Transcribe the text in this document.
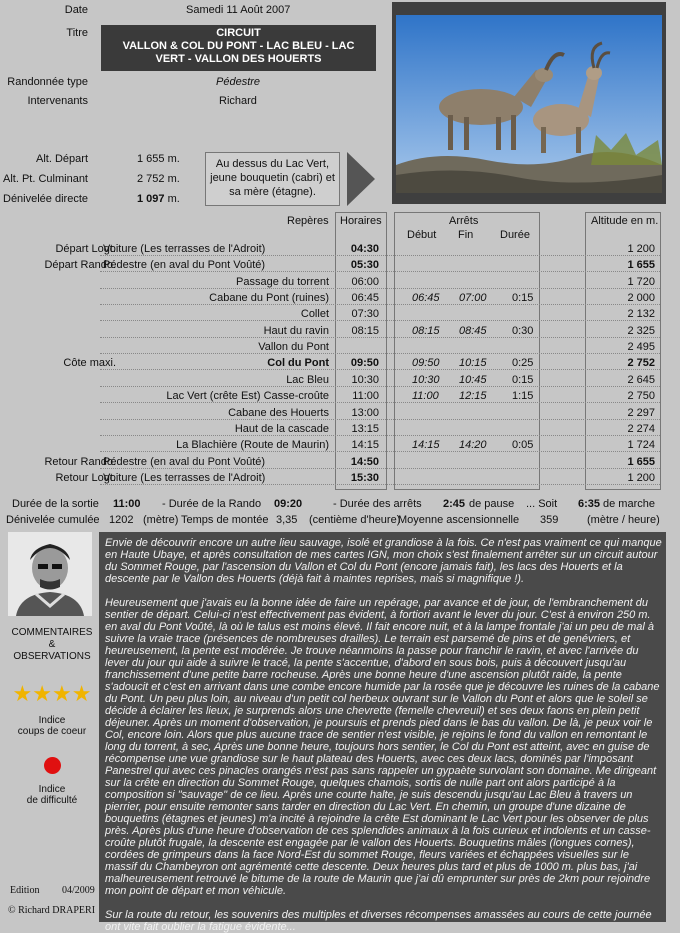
Date	Samedi 11 Août 2007
Titre	CIRCUIT
VALLON & COL DU PONT - LAC BLEU - LAC
VERT - VALLON DES HOUERTS
Randonnée type	Pédestre
Intervenants	Richard
Alt. Départ	1 655 m.
Alt. Pt. Culminant	2 752 m.
Dénivelée directe	1 097 m.
Au dessus du Lac Vert, jeune bouquetin (cabri) et sa mère (étagne).
Repères Horaires	Arrêts
Début Fin Durée
Altitude en m.
Départ Logt.
Voiture (Les terrasses de l'Adroit)	04:30	1 200
Départ Rando.
Pédestre (en aval du Pont Voûté)	05:30	1 655
Passage du torrent 06:00	1 720
Cabane du Pont (ruines) 06:45	06:45 07:00 0:15	2 000
Collet 07:30	2 132
Haut du ravin 08:15	08:15 08:45 0:30	2 325
Vallon du Pont	2 495
Côte maxi.	Col du Pont 09:50	09:50 10:15 0:25	2 752
Lac Bleu 10:30	10:30 10:45 0:15	2 645
Lac Vert (crête Est) Casse-croûte 11:00	11:00 12:15 1:15	2 750
Cabane des Houerts 13:00	2 297
Haut de la cascade 13:15	2 274
La Blachière (Route de Maurin) 14:15	14:15 14:20 0:05	1 724
Retour Rando.
Pédestre (en aval du Pont Voûté)	14:50	1 655
Retour Logt.
Voiture (Les terrasses de l'Adroit)	15:30	1 200
Durée de la sortie 11:00 - Durée de la Rando 09:20	- Durée des arrêts 2:45 de pause ... Soit 6:35 de marche
Dénivelée cumulée 1202 (mètre) Temps de montée 3,35 (centième d'heure)
Moyenne ascensionnelle 359	(mètre / heure)
COMMENTAIRES
&
OBSERVATIONS
★★★★
Indice
coups de coeur
Indice
de difficulté
Edition 04/2009
© Richard DRAPERI

Envie de découvrir encore un autre lieu sauvage, isolé et grandiose à la fois. Ce n'est pas vraiment ce qui manque en Haute Ubaye, et après consultation de mes cartes IGN, mon choix s'est finalement arrêter sur un circuit autour du Sommet Rouge, par l'ascension du Vallon et Col du Pont (encore jamais fait), les lacs des Houerts et la descente par le Vallon des Houerts (déjà fait à maintes reprises, mais si magnifique !).

Heureusement que j'avais eu la bonne idée de faire un repérage, par avance et de jour, de l'embranchement du sentier de départ. Celui-ci n'est effectivement pas évident, à fortiori avant le lever du jour. C'est à environ 250 m. en aval du Pont Voûté, là où le talus est moins élevé. Il fait encore nuit, et à la lampe frontale j'ai un peu de mal à suivre la vraie trace (présences de nombreuses drailles). Le terrain est parsemé de pins et de genévriers, et heureusement, la pente est modérée. Je trouve néanmoins la passe pour franchir le ravin, et avec l'arrivée du lever du jour qui aide à suivre le tracé, la pente s'accentue, d'abord en sous bois, puis à découvert jusqu'au franchissement d'une petite barre rocheuse. Après une bonne heure d'une ascension plutôt raide, la pente s'adoucit et c'est en arrivant dans une combe encore humide par la rosée que je découvre les ruines de la cabane du Pont. Un peu plus loin, au niveau d'un petit col herbeux ouvrant sur le Vallon du Pont et alors que le soleil se décide à éclairer les lieux, je surprends alors une chevrette (femelle chevreuil) et ses deux faons en plein petit déjeuner. Après un moment d'observation, je poursuis et prends pied dans le bas du vallon. De là, je peux voir le Col, encore loin. Alors que plus aucune trace de sentier n'est visible, je rejoins le fond du vallon en remontant le long du torrent, à sec, Après une bonne heure, toujours hors sentier, le Col du Pont est atteint, avec en guise de récompense une vue grandiose sur le haut plateau des Houerts, avec ces deux lacs, dominés par l'imposant Panestrel qui avec ces pinacles orangés n'est pas sans rappeler un gypaète survolant son domaine. Me dirigeant sur la crête en direction du Sommet Rouge, quelques chamois, sortis de nulle part ont alors participé à la composition si "sauvage" de ce lieu. Après une courte halte, je suis descendu jusqu'au Lac Bleu à travers un pierrier, pour ensuite remonter sans tarder en direction du Lac Vert. En chemin, un groupe d'une dizaine de bouquetins (étagnes et jeunes) m'a incité à rejoindre la crête Est dominant le Lac Vert pour les observer de plus près. Après plus d'une heure d'observation de ces splendides animaux à la fois curieux et indolents et un casse-croûte plutôt frugale, la descente est engagée par le vallon des Houerts. Bouquetins mâles (longues cornes), cordées de grimpeurs dans la face Nord-Est du sommet Rouge, fleurs variées et échappées visuelles sur le massif du Chambeyron ont agrémenté cette descente. Deux heures plus tard et plus de 1000 m. plus bas, j'ai malheureusement retrouvé le bitume de la route de Maurin que j'ai dû emprunter sur près de 2km pour rejoindre mon point de départ et mon véhicule.

Sur la route du retour, les souvenirs des multiples et diverses récompenses amassées au cours de cette journée ont vite fait oublier la fatigue évidente...
